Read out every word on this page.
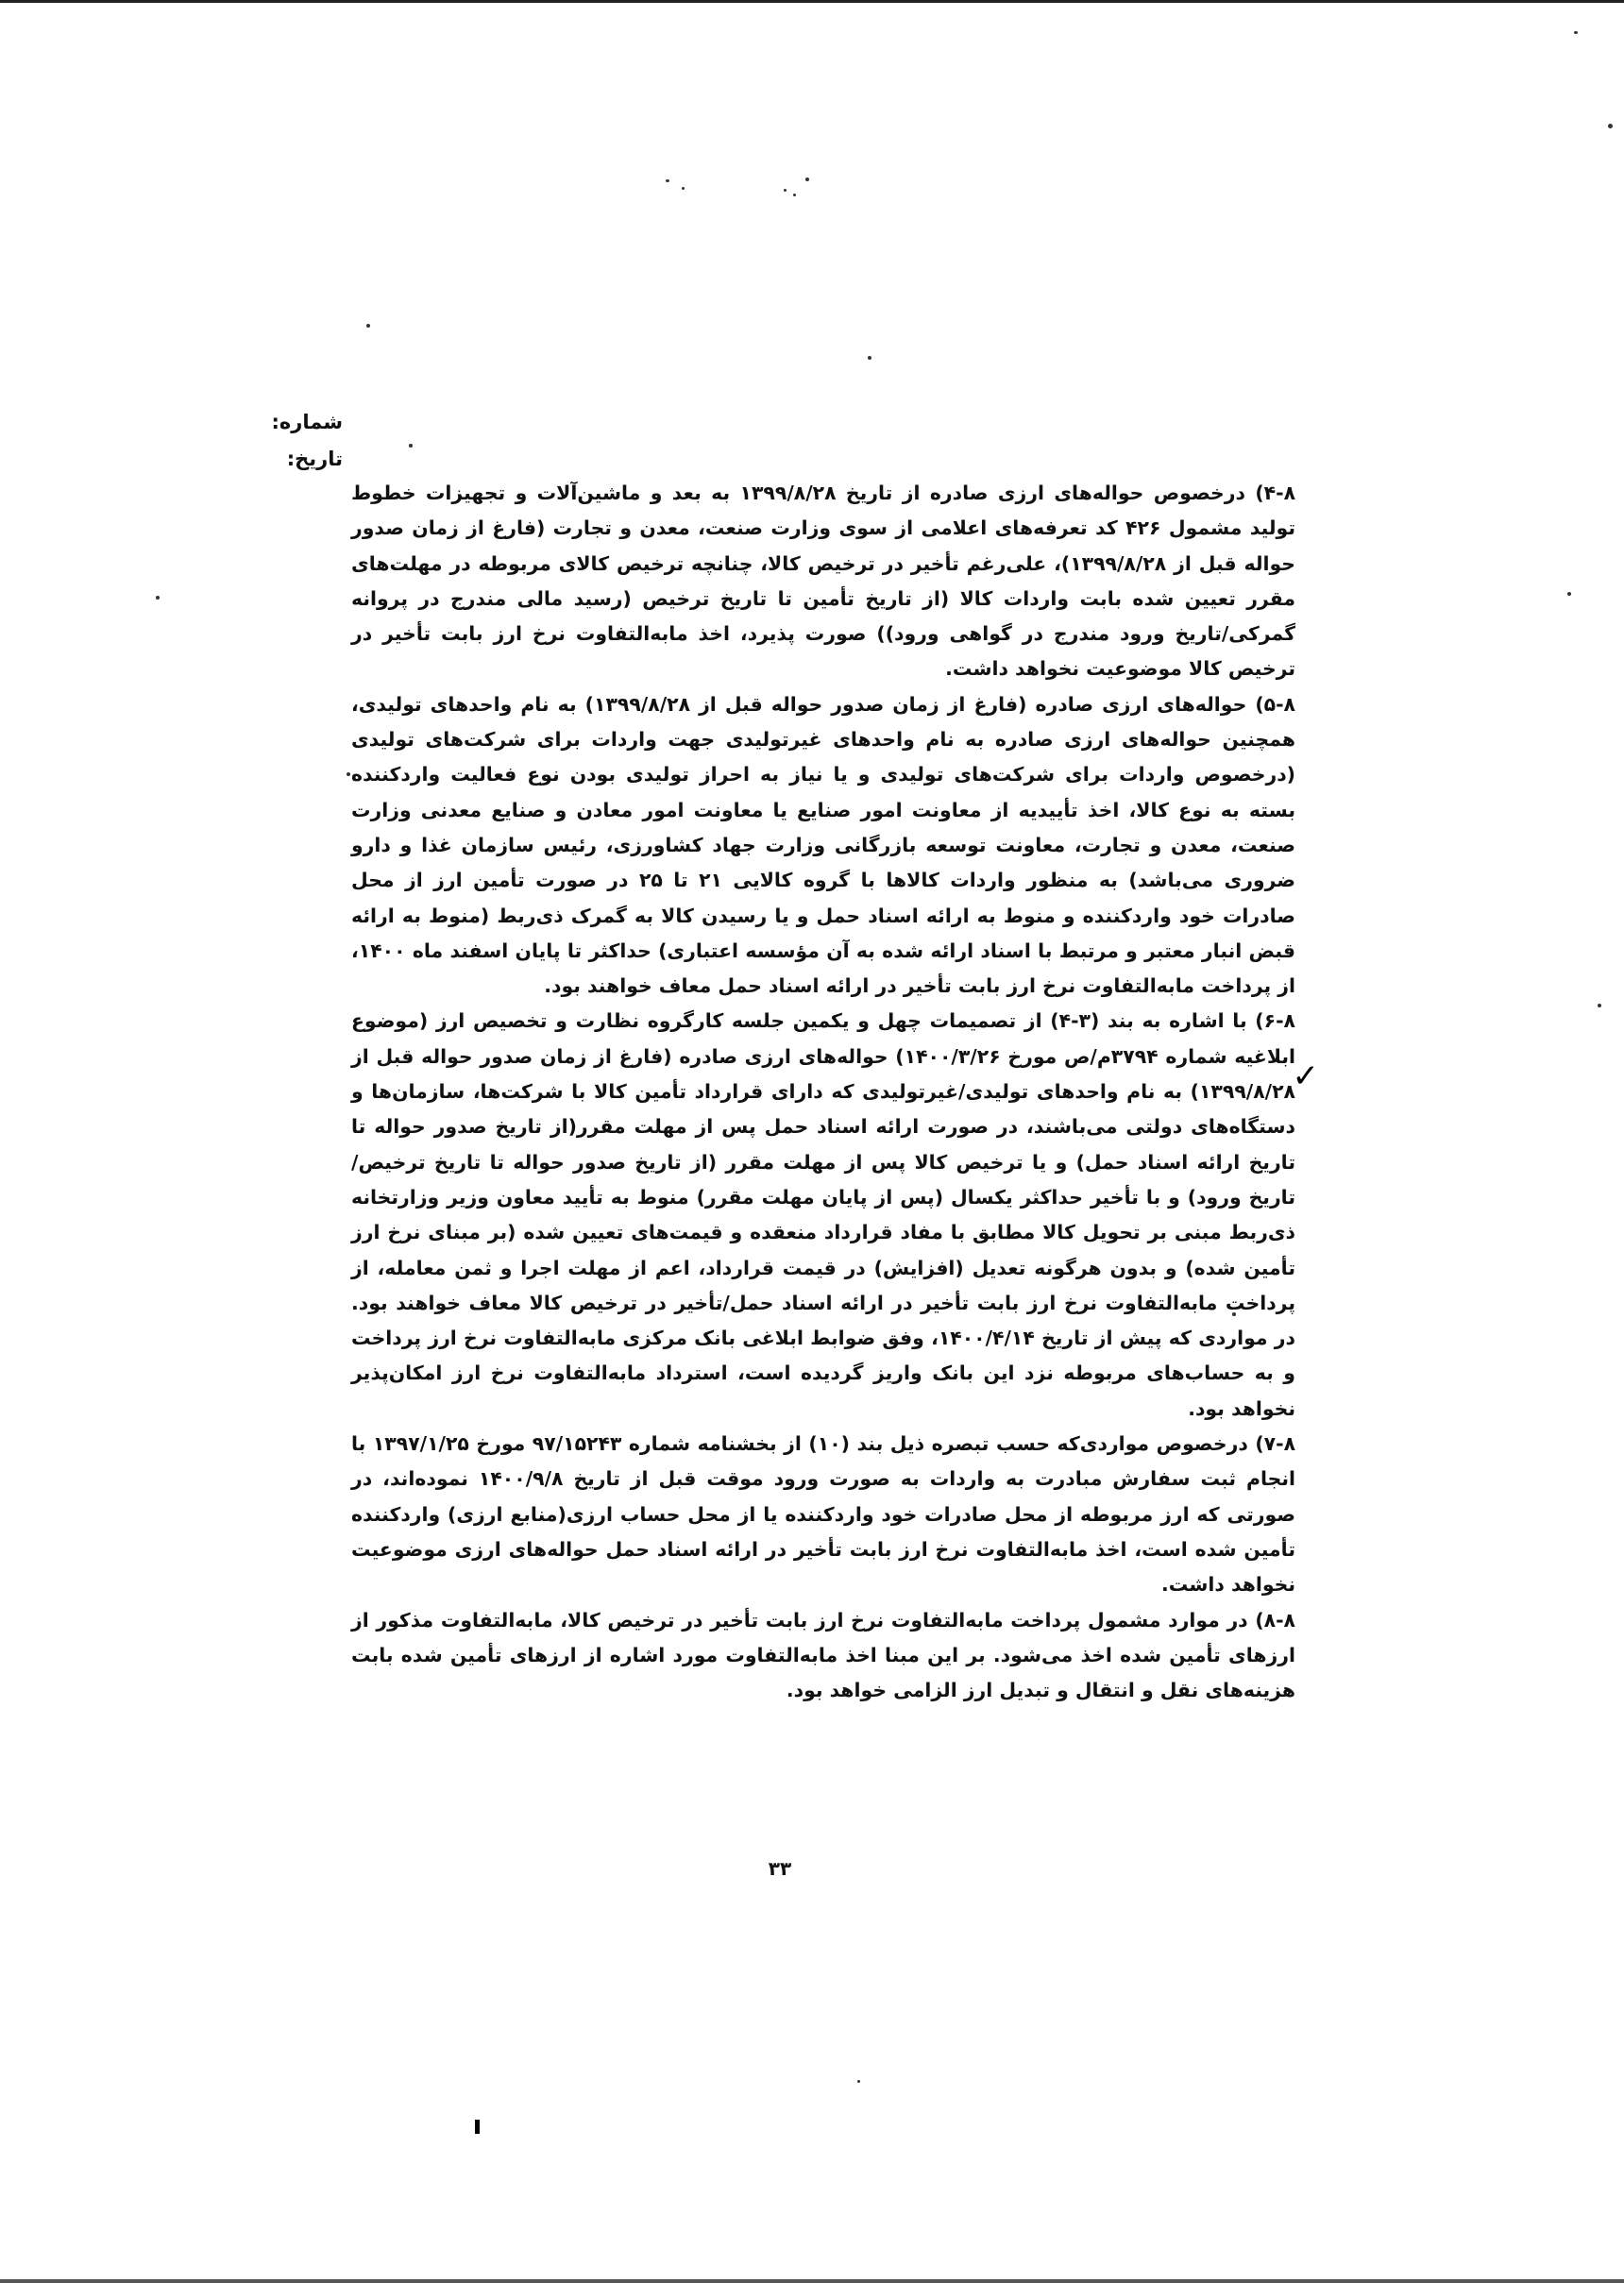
شماره:
تاریخ:

۴-۸) درخصوص حواله‌های ارزی صادره از تاریخ ۱۳۹۹/۸/۲۸ به بعد و ماشین‌آلات و تجهیزات خطوط تولید مشمول ۴۲۶ کد تعرفه‌های اعلامی از سوی وزارت صنعت، معدن و تجارت (فارغ از زمان صدور حواله قبل از ۱۳۹۹/۸/۲۸)، علی‌رغم تأخیر در ترخیص کالا، چنانچه ترخیص کالای مربوطه در مهلت‌های مقرر تعیین شده بابت واردات کالا (از تاریخ تأمین تا تاریخ ترخیص (رسید مالی مندرج در پروانه گمرکی/تاریخ ورود مندرج در گواهی ورود)) صورت پذیرد، اخذ مابه‌التفاوت نرخ ارز بابت تأخیر در ترخیص کالا موضوعیت نخواهد داشت.

۵-۸) حواله‌های ارزی صادره (فارغ از زمان صدور حواله قبل از ۱۳۹۹/۸/۲۸) به نام واحدهای تولیدی، همچنین حواله‌های ارزی صادره به نام واحدهای غیرتولیدی جهت واردات برای شرکت‌های تولیدی (درخصوص واردات برای شرکت‌های تولیدی و یا نیاز به احراز تولیدی بودن نوع فعالیت واردکننده بسته به نوع کالا، اخذ تأییدیه از معاونت امور صنایع یا معاونت امور معادن و صنایع معدنی وزارت صنعت، معدن و تجارت، معاونت توسعه بازرگانی وزارت جهاد کشاورزی، رئیس سازمان غذا و دارو ضروری می‌باشد) به منظور واردات کالاها با گروه کالایی ۲۱ تا ۲۵ در صورت تأمین ارز از محل صادرات خود واردکننده و منوط به ارائه اسناد حمل و یا رسیدن کالا به گمرک ذی‌ربط (منوط به ارائه قبض انبار معتبر و مرتبط با اسناد ارائه شده به آن مؤسسه اعتباری) حداکثر تا پایان اسفند ماه ۱۴۰۰، از پرداخت مابه‌التفاوت نرخ ارز بابت تأخیر در ارائه اسناد حمل معاف خواهند بود.

۶-۸) با اشاره به بند (۳-۴) از تصمیمات چهل و یکمین جلسه کارگروه نظارت و تخصیص ارز (موضوع ابلاغیه شماره ۳۷۹۴م/ص مورخ ۱۴۰۰/۳/۲۶) حواله‌های ارزی صادره (فارغ از زمان صدور حواله قبل از ۱۳۹۹/۸/۲۸) به نام واحدهای تولیدی/غیرتولیدی که دارای قرارداد تأمین کالا با شرکت‌ها، سازمان‌ها و دستگاه‌های دولتی می‌باشند، در صورت ارائه اسناد حمل پس از مهلت مقرر(از تاریخ صدور حواله تا تاریخ ارائه اسناد حمل) و یا ترخیص کالا پس از مهلت مقرر (از تاریخ صدور حواله تا تاریخ ترخیص/تاریخ ورود) و با تأخیر حداکثر یکسال (پس از پایان مهلت مقرر) منوط به تأیید معاون وزیر وزارتخانه ذی‌ربط مبنی بر تحویل کالا مطابق با مفاد قرارداد منعقده و قیمت‌های تعیین شده (بر مبنای نرخ ارز تأمین شده) و بدون هرگونه تعدیل (افزایش) در قیمت قرارداد، اعم از مهلت اجرا و ثمن معامله، از پرداخت مابه‌التفاوت نرخ ارز بابت تأخیر در ارائه اسناد حمل/تأخیر در ترخیص کالا معاف خواهند بود. در مواردی که پیش از تاریخ ۱۴۰۰/۴/۱۴، وفق ضوابط ابلاغی بانک مرکزی مابه‌التفاوت نرخ ارز پرداخت و به حساب‌های مربوطه نزد این بانک واریز گردیده است، استرداد مابه‌التفاوت نرخ ارز امکان‌پذیر نخواهد بود.

۷-۸) درخصوص مواردی‌که حسب تبصره ذیل بند (۱۰) از بخشنامه شماره ۹۷/۱۵۲۴۳ مورخ ۱۳۹۷/۱/۲۵ با انجام ثبت سفارش مبادرت به واردات به صورت ورود موقت قبل از تاریخ ۱۴۰۰/۹/۸ نموده‌اند، در صورتی که ارز مربوطه از محل صادرات خود واردکننده یا از محل حساب ارزی(منابع ارزی) واردکننده تأمین شده است، اخذ مابه‌التفاوت نرخ ارز بابت تأخیر در ارائه اسناد حمل حواله‌های ارزی موضوعیت نخواهد داشت.

۸-۸) در موارد مشمول پرداخت مابه‌التفاوت نرخ ارز بابت تأخیر در ترخیص کالا، مابه‌التفاوت مذکور از ارزهای تأمین شده اخذ می‌شود. بر این مبنا اخذ مابه‌التفاوت مورد اشاره از ارزهای تأمین شده بابت هزینه‌های نقل و انتقال و تبدیل ارز الزامی خواهد بود.

✓
۳۳
